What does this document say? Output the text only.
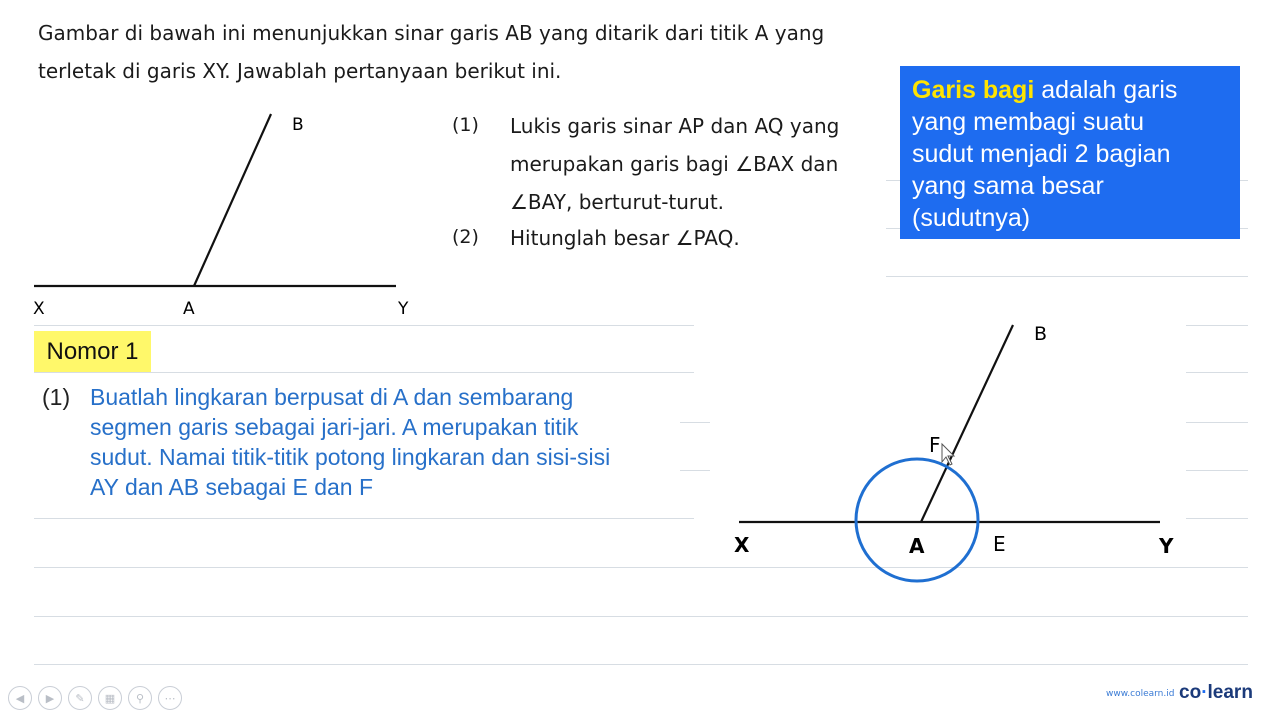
Gambar di bawah ini menunjukkan sinar garis AB yang ditarik dari titik A yang
terletak di garis XY. Jawablah pertanyaan berikut ini.
B
X	A	Y
B
F
X	A	E	Y
(1) Lukis garis sinar AP dan AQ yang
merupakan garis bagi ∠BAX dan
∠BAY, berturut-turut.
(2) Hitunglah besar ∠PAQ.
Garis bagi adalah garis
yang membagi suatu
sudut menjadi 2 bagian
yang sama besar
(sudutnya)
Nomor 1
(1) Buatlah lingkaran berpusat di A dan sembarang
segmen garis sebagai jari-jari. A merupakan titik
sudut. Namai titik-titik potong lingkaran dan sisi-sisi
AY dan AB sebagai E dan F
◀	▶	✎	▦	⚲	⋯	www.colearn.id co·learn
